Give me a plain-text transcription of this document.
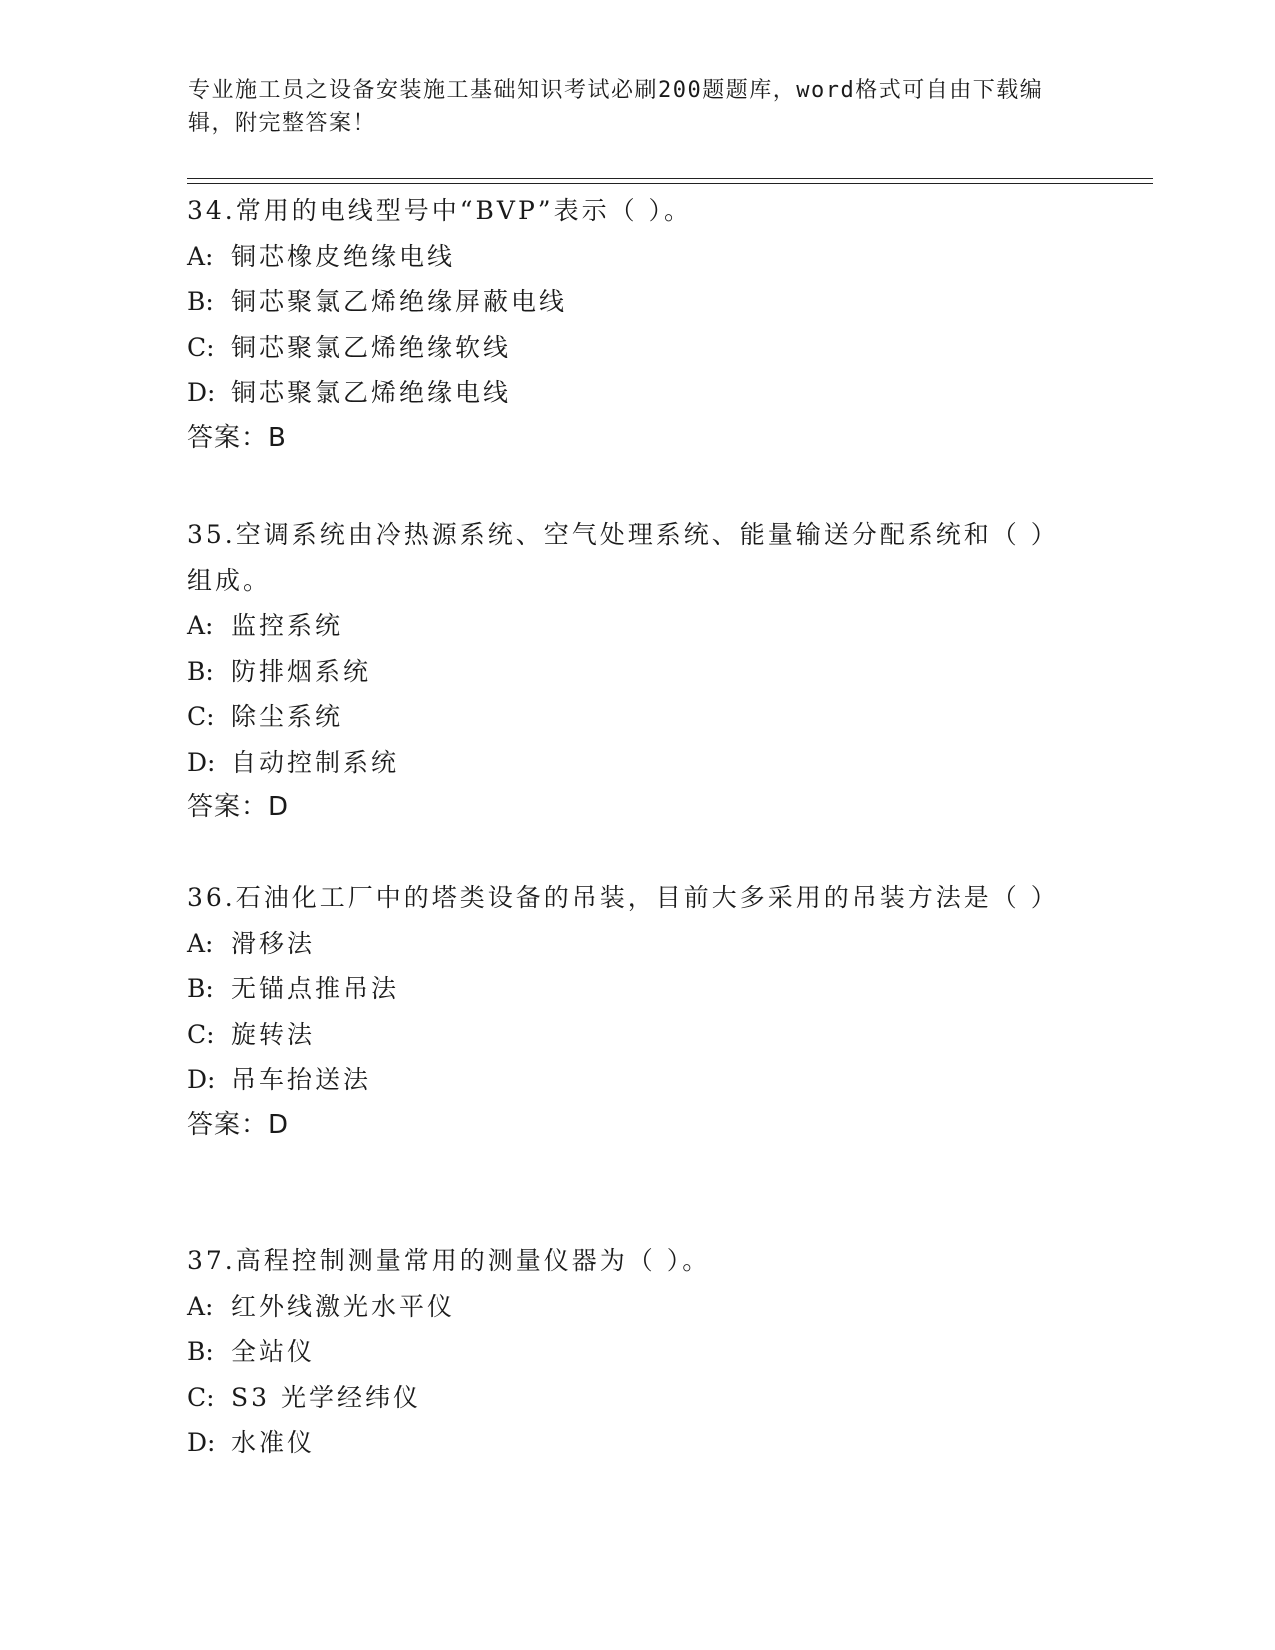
专业施工员之设备安装施工基础知识考试必刷200题题库，word格式可自由下载编辑，附完整答案！
34.常用的电线型号中“BVP”表示（ ）。
A: 铜芯橡皮绝缘电线
B: 铜芯聚氯乙烯绝缘屏蔽电线
C: 铜芯聚氯乙烯绝缘软线
D: 铜芯聚氯乙烯绝缘电线
答案：B
35.空调系统由冷热源系统、空气处理系统、能量输送分配系统和（ ）组成。
A: 监控系统
B: 防排烟系统
C: 除尘系统
D: 自动控制系统
答案：D
36.石油化工厂中的塔类设备的吊装，目前大多采用的吊装方法是（ ）
A: 滑移法
B: 无锚点推吊法
C: 旋转法
D: 吊车抬送法
答案：D
37.高程控制测量常用的测量仪器为（ ）。
A: 红外线激光水平仪
B: 全站仪
C: S3 光学经纬仪
D: 水准仪
